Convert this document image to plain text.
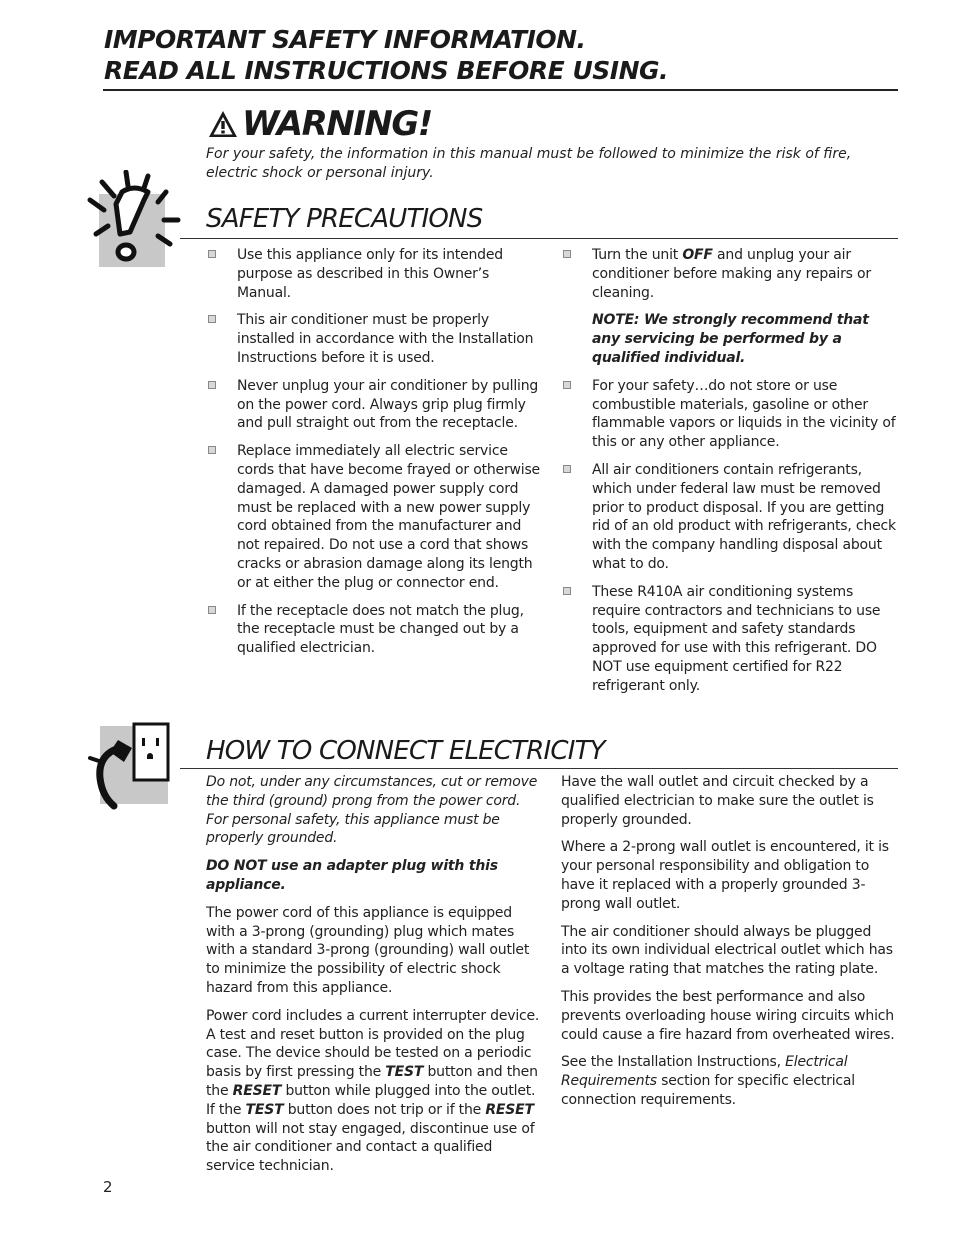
IMPORTANT SAFETY INFORMATION.
READ ALL INSTRUCTIONS BEFORE USING.
WARNING!
For your safety, the information in this manual must be followed to minimize the risk of fire, electric shock or personal injury.
SAFETY PRECAUTIONS
Use this appliance only for its intended purpose as described in this Owner’s Manual.
This air conditioner must be properly installed in accordance with the Installation Instructions before it is used.
Never unplug your air conditioner by pulling on the power cord. Always grip plug firmly and pull straight out from the receptacle.
Replace immediately all electric service cords that have become frayed or otherwise damaged. A damaged power supply cord must be replaced with a new power supply cord obtained from the manufacturer and not repaired. Do not use a cord that shows cracks or abrasion damage along its length or at either the plug or connector end.
If the receptacle does not match the plug, the receptacle must be changed out by a qualified electrician.
Turn the unit OFF and unplug your air conditioner before making any repairs or cleaning.
NOTE: We strongly recommend that any servicing be performed by a qualified individual.
For your safety…do not store or use combustible materials, gasoline or other flammable vapors or liquids in the vicinity of this or any other appliance.
All air conditioners contain refrigerants, which under federal law must be removed prior to product disposal. If you are getting rid of an old product with refrigerants, check with the company handling disposal about what to do.
These R410A air conditioning systems require contractors and technicians to use tools, equipment and safety standards approved for use with this refrigerant. DO NOT use equipment certified for R22 refrigerant only.
HOW TO CONNECT ELECTRICITY

Do not, under any circumstances, cut or remove the third (ground) prong from the power cord. For personal safety, this appliance must be properly grounded.

DO NOT use an adapter plug with this appliance.

The power cord of this appliance is equipped with a 3-prong (grounding) plug which mates with a standard 3-prong (grounding) wall outlet to minimize the possibility of electric shock hazard from this appliance.

Power cord includes a current interrupter device. A test and reset button is provided on the plug case. The device should be tested on a periodic basis by first pressing the TEST button and then the RESET button while plugged into the outlet. If the TEST button does not trip or if the RESET button will not stay engaged, discontinue use of the air conditioner and contact a qualified service technician.

Have the wall outlet and circuit checked by a qualified electrician to make sure the outlet is properly grounded.

Where a 2-prong wall outlet is encountered, it is your personal responsibility and obligation to have it replaced with a properly grounded 3-prong wall outlet.

The air conditioner should always be plugged into its own individual electrical outlet which has a voltage rating that matches the rating plate.

This provides the best performance and also prevents overloading house wiring circuits which could cause a fire hazard from overheated wires.

See the Installation Instructions, Electrical Requirements section for specific electrical connection requirements.

2
